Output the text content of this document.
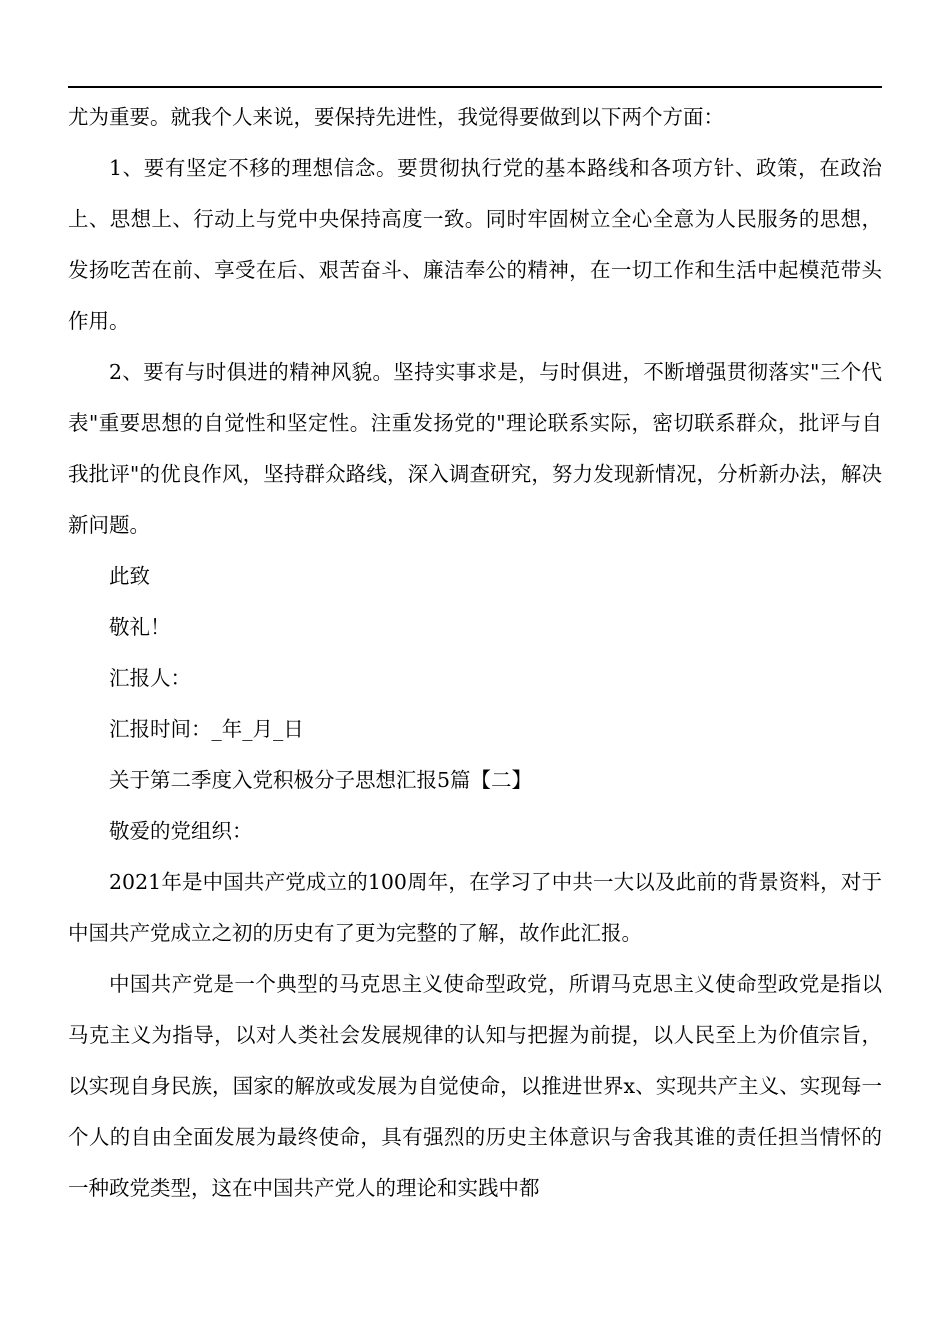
尤为重要。就我个人来说，要保持先进性，我觉得要做到以下两个方面：

1、要有坚定不移的理想信念。要贯彻执行党的基本路线和各项方针、政策，在政治上、思想上、行动上与党中央保持高度一致。同时牢固树立全心全意为人民服务的思想，发扬吃苦在前、享受在后、艰苦奋斗、廉洁奉公的精神，在一切工作和生活中起模范带头作用。

2、要有与时俱进的精神风貌。坚持实事求是，与时俱进，不断增强贯彻落实"三个代表"重要思想的自觉性和坚定性。注重发扬党的"理论联系实际，密切联系群众，批评与自我批评"的优良作风，坚持群众路线，深入调查研究，努力发现新情况，分析新办法，解决新问题。

此致

敬礼！

汇报人：

汇报时间：_年_月_日

关于第二季度入党积极分子思想汇报5篇【二】

敬爱的党组织：

2021年是中国共产党成立的100周年，在学习了中共一大以及此前的背景资料，对于中国共产党成立之初的历史有了更为完整的了解，故作此汇报。

中国共产党是一个典型的马克思主义使命型政党，所谓马克思主义使命型政党是指以马克主义为指导，以对人类社会发展规律的认知与把握为前提，以人民至上为价值宗旨，以实现自身民族，国家的解放或发展为自觉使命，以推进世界x、实现共产主义、实现每一个人的自由全面发展为最终使命，具有强烈的历史主体意识与舍我其谁的责任担当情怀的一种政党类型，这在中国共产党人的理论和实践中都
